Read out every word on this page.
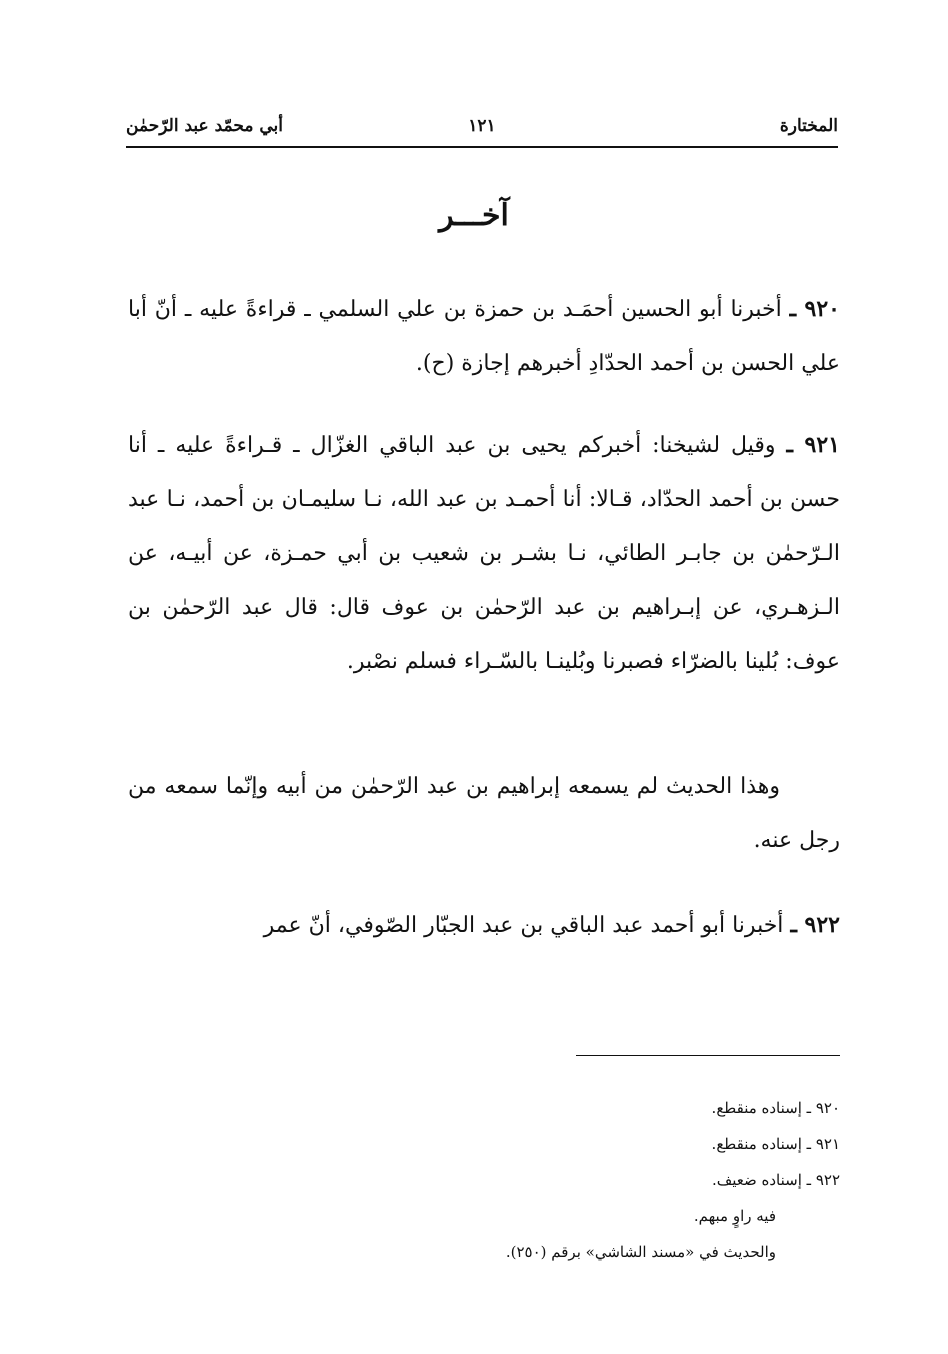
المختارة
١٢١
أبي محمّد عبد الرّحمٰن
آخـــر
٩٢٠ ـ أخبرنا أبو الحسين أحمَـد بن حمزة بن علي السلمي ـ قراءةً عليه ـ أنّ أبا علي الحسن بن أحمد الحدّادِ أخبرهم إجازة (ح).
٩٢١ ـ وقيل لشيخنا: أخبركم يحيى بن عبد الباقي الغزّال ـ قـراءةً عليه ـ أنا حسن بن أحمد الحدّاد، قـالا: أنا أحمـد بن عبد الله، نـا سليمـان بن أحمد، نـا عبد الـرّحمٰن بن جابـر الطائي، نـا بشـر بن شعيب بن أبي حمـزة، عن أبيـه، عن الـزهـري، عن إبـراهيم بن عبد الرّحمٰن بن عوف قال: قال عبد الرّحمٰن بن عوف: بُلينا بالضرّاء فصبرنا وبُلينـا بالسّـراء فسلم نصْبر.
وهذا الحديث لم يسمعه إبراهيم بن عبد الرّحمٰن من أبيه وإنّما سمعه من رجل عنه.
٩٢٢ ـ أخبرنا أبو أحمد عبد الباقي بن عبد الجبّار الصّوفي، أنّ عمر
٩٢٠ ـ إسناده منقطع.
٩٢١ ـ إسناده منقطع.
٩٢٢ ـ إسناده ضعيف.
فيه راوٍ مبهم.
والحديث في «مسند الشاشي» برقم (٢٥٠).
